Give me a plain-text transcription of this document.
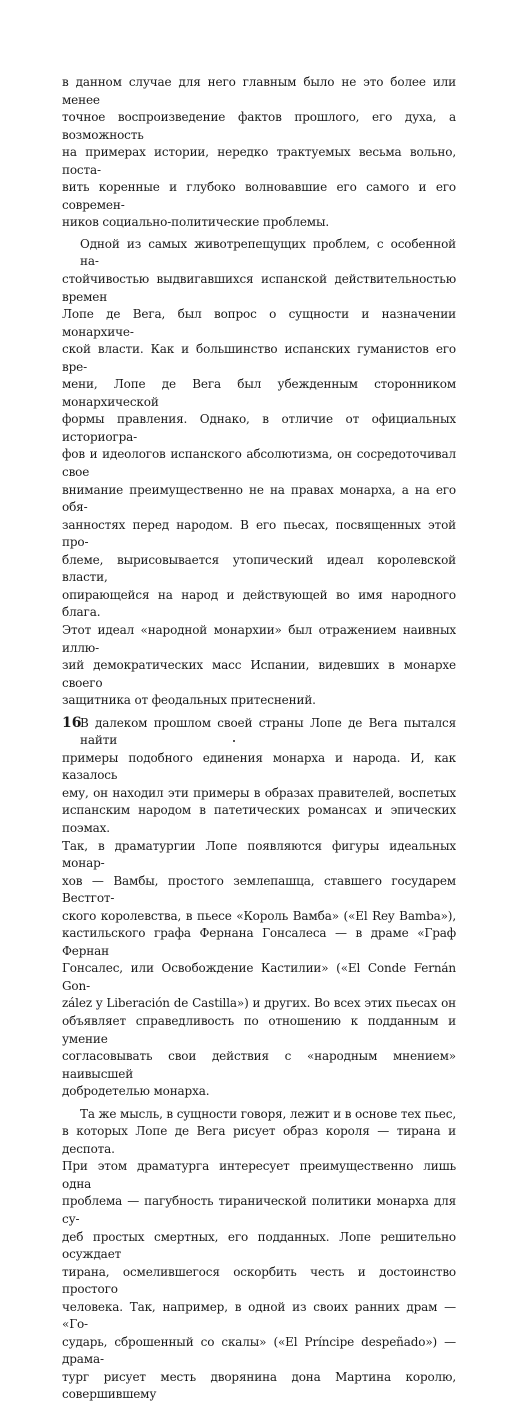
в данном случае для него главным было не это более или менее
точное воспроизведение фактов прошлого, его духа, а возможность
на примерах истории, нередко трактуемых весьма вольно, поста-
вить коренные и глубоко волновавшие его самого и его современ-
ников социально-политические проблемы.
Одной из самых животрепещущих проблем, с особенной на-
стойчивостью выдвигавшихся испанской действительностью времен
Лопе де Вега, был вопрос о сущности и назначении монархиче-
ской власти. Как и большинство испанских гуманистов его вре-
мени, Лопе де Вега был убежденным сторонником монархической
формы правления. Однако, в отличие от официальных историогра-
фов и идеологов испанского абсолютизма, он сосредоточивал свое
внимание преимущественно не на правах монарха, а на его обя-
занностях перед народом. В его пьесах, посвященных этой про-
блеме, вырисовывается утопический идеал королевской власти,
опирающейся на народ и действующей во имя народного блага.
Этот идеал «народной монархии» был отражением наивных иллю-
зий демократических масс Испании, видевших в монархе своего
защитника от феодальных притеснений.
В далеком прошлом своей страны Лопе де Вега пытался найти
примеры подобного единения монарха и народа. И, как казалось
ему, он находил эти примеры в образах правителей, воспетых
испанским народом в патетических романсах и эпических поэмах.
Так, в драматургии Лопе появляются фигуры идеальных монар-
хов — Вамбы, простого землепашца, ставшего государем Вестгот-
ского королевства, в пьесе «Король Вамба» («El Rey Bamba»),
кастильского графа Фернана Гонсалеса — в драме «Граф Фернан
Гонсалес, или Освобождение Кастилии» («El Conde Fernán Gon-
zález y Liberación de Castilla») и других. Во всех этих пьесах он
объявляет справедливость по отношению к подданным и умение
согласовывать свои действия с «народным мнением» наивысшей
добродетелью монарха.
Та же мысль, в сущности говоря, лежит и в основе тех пьес,
в которых Лопе де Вега рисует образ короля — тирана и деспота.
При этом драматурга интересует преимущественно лишь одна
проблема — пагубность тиранической политики монарха для су-
деб простых смертных, его подданных. Лопе решительно осуждает
тирана, осмелившегося оскорбить честь и достоинство простого
человека. Так, например, в одной из своих ранних драм — «Го-
сударь, сброшенный со скалы» («El Príncipe despeñado») — драма-
тург рисует месть дворянина дона Мартина королю, совершившему
16
